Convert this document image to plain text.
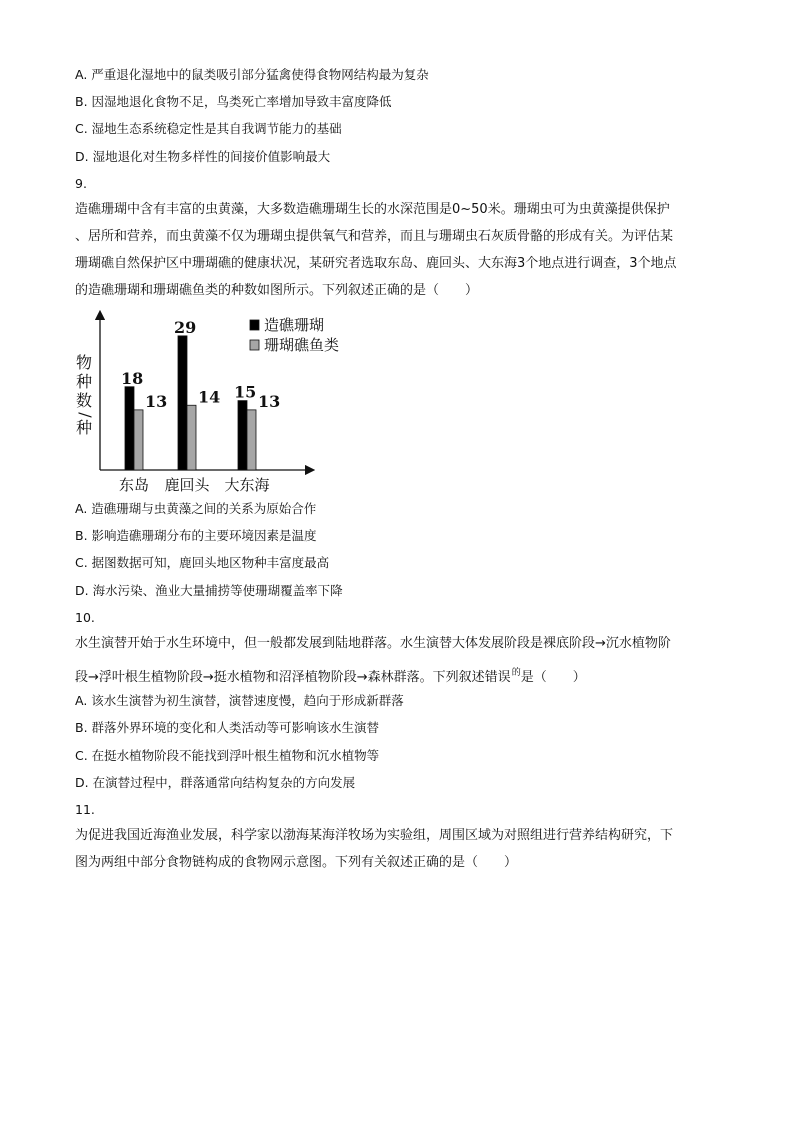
A. 严重退化湿地中的鼠类吸引部分猛禽使得食物网结构最为复杂
B. 因湿地退化食物不足，鸟类死亡率增加导致丰富度降低
C. 湿地生态系统稳定性是其自我调节能力的基础
D. 湿地退化对生物多样性的间接价值影响最大
9.
造礁珊瑚中含有丰富的虫黄藻，大多数造礁珊瑚生长的水深范围是0~50米。珊瑚虫可为虫黄藻提供保护
、居所和营养，而虫黄藻不仅为珊瑚虫提供氧气和营养，而且与珊瑚虫石灰质骨骼的形成有关。为评估某
珊瑚礁自然保护区中珊瑚礁的健康状况，某研究者选取东岛、鹿回头、大东海3个地点进行调查，3个地点
的造礁珊瑚和珊瑚礁鱼类的种数如图所示。下列叙述正确的是（　　）
物
种
数
/
种
18
13
29
14 15 13
东岛 鹿回头 大东海
造礁珊瑚
珊瑚礁鱼类
A. 造礁珊瑚与虫黄藻之间的关系为原始合作
B. 影响造礁珊瑚分布的主要环境因素是温度
C. 据图数据可知，鹿回头地区物种丰富度最高
D. 海水污染、渔业大量捕捞等使珊瑚覆盖率下降
10.
水生演替开始于水生环境中，但一般都发展到陆地群落。水生演替大体发展阶段是裸底阶段→沉水植物阶
段→浮叶根生植物阶段→挺水植物和沼泽植物阶段→森林群落。下列叙述错误$^的$是（　　）
A. 该水生演替为初生演替，演替速度慢，趋向于形成新群落
B. 群落外界环境的变化和人类活动等可影响该水生演替
C. 在挺水植物阶段不能找到浮叶根生植物和沉水植物等
D. 在演替过程中，群落通常向结构复杂的方向发展
11.
为促进我国近海渔业发展，科学家以渤海某海洋牧场为实验组，周围区域为对照组进行营养结构研究，下
图为两组中部分食物链构成的食物网示意图。下列有关叙述正确的是（　　）
